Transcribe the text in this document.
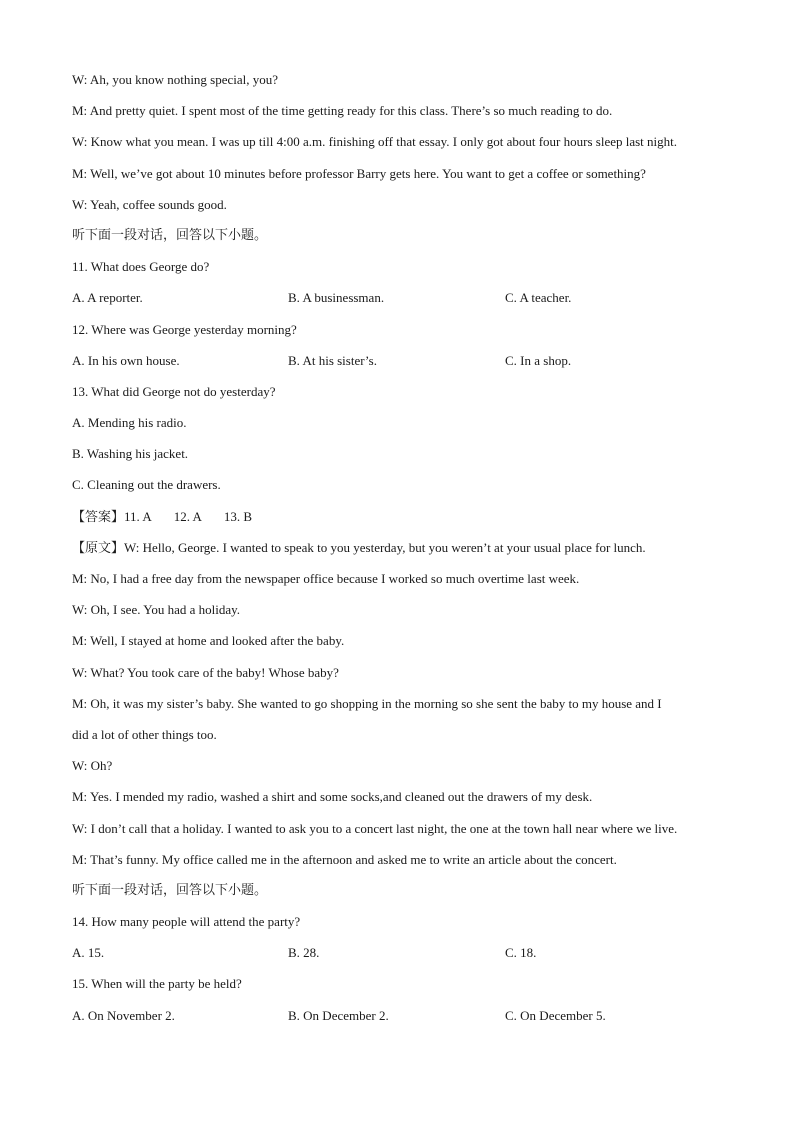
W: Ah, you know nothing special, you?
M: And pretty quiet. I spent most of the time getting ready for this class. There’s so much reading to do.
W: Know what you mean. I was up till 4:00 a.m. finishing off that essay. I only got about four hours sleep last night.
M: Well, we’ve got about 10 minutes before professor Barry gets here. You want to get a coffee or something?
W: Yeah, coffee sounds good.
听下面一段对话，回答以下小题。
11. What does George do?
A. A reporter.	B. A businessman.	C. A teacher.
12. Where was George yesterday morning?
A. In his own house.	B. At his sister’s.	C. In a shop.
13. What did George not do yesterday?
A. Mending his radio.
B. Washing his jacket.
C. Cleaning out the drawers.
【答案】11. A 12. A 13. B
【原文】W: Hello, George. I wanted to speak to you yesterday, but you weren’t at your usual place for lunch.
M: No, I had a free day from the newspaper office because I worked so much overtime last week.
W: Oh, I see. You had a holiday.
M: Well, I stayed at home and looked after the baby.
W: What? You took care of the baby! Whose baby?
M: Oh, it was my sister’s baby. She wanted to go shopping in the morning so she sent the baby to my house and I
did a lot of other things too.
W: Oh?
M: Yes. I mended my radio, washed a shirt and some socks,and cleaned out the drawers of my desk.
W: I don’t call that a holiday. I wanted to ask you to a concert last night, the one at the town hall near where we live.
M: That’s funny. My office called me in the afternoon and asked me to write an article about the concert.
听下面一段对话，回答以下小题。
14. How many people will attend the party?
A. 15.	B. 28.	C. 18.
15. When will the party be held?
A. On November 2.	B. On December 2.	C. On December 5.
